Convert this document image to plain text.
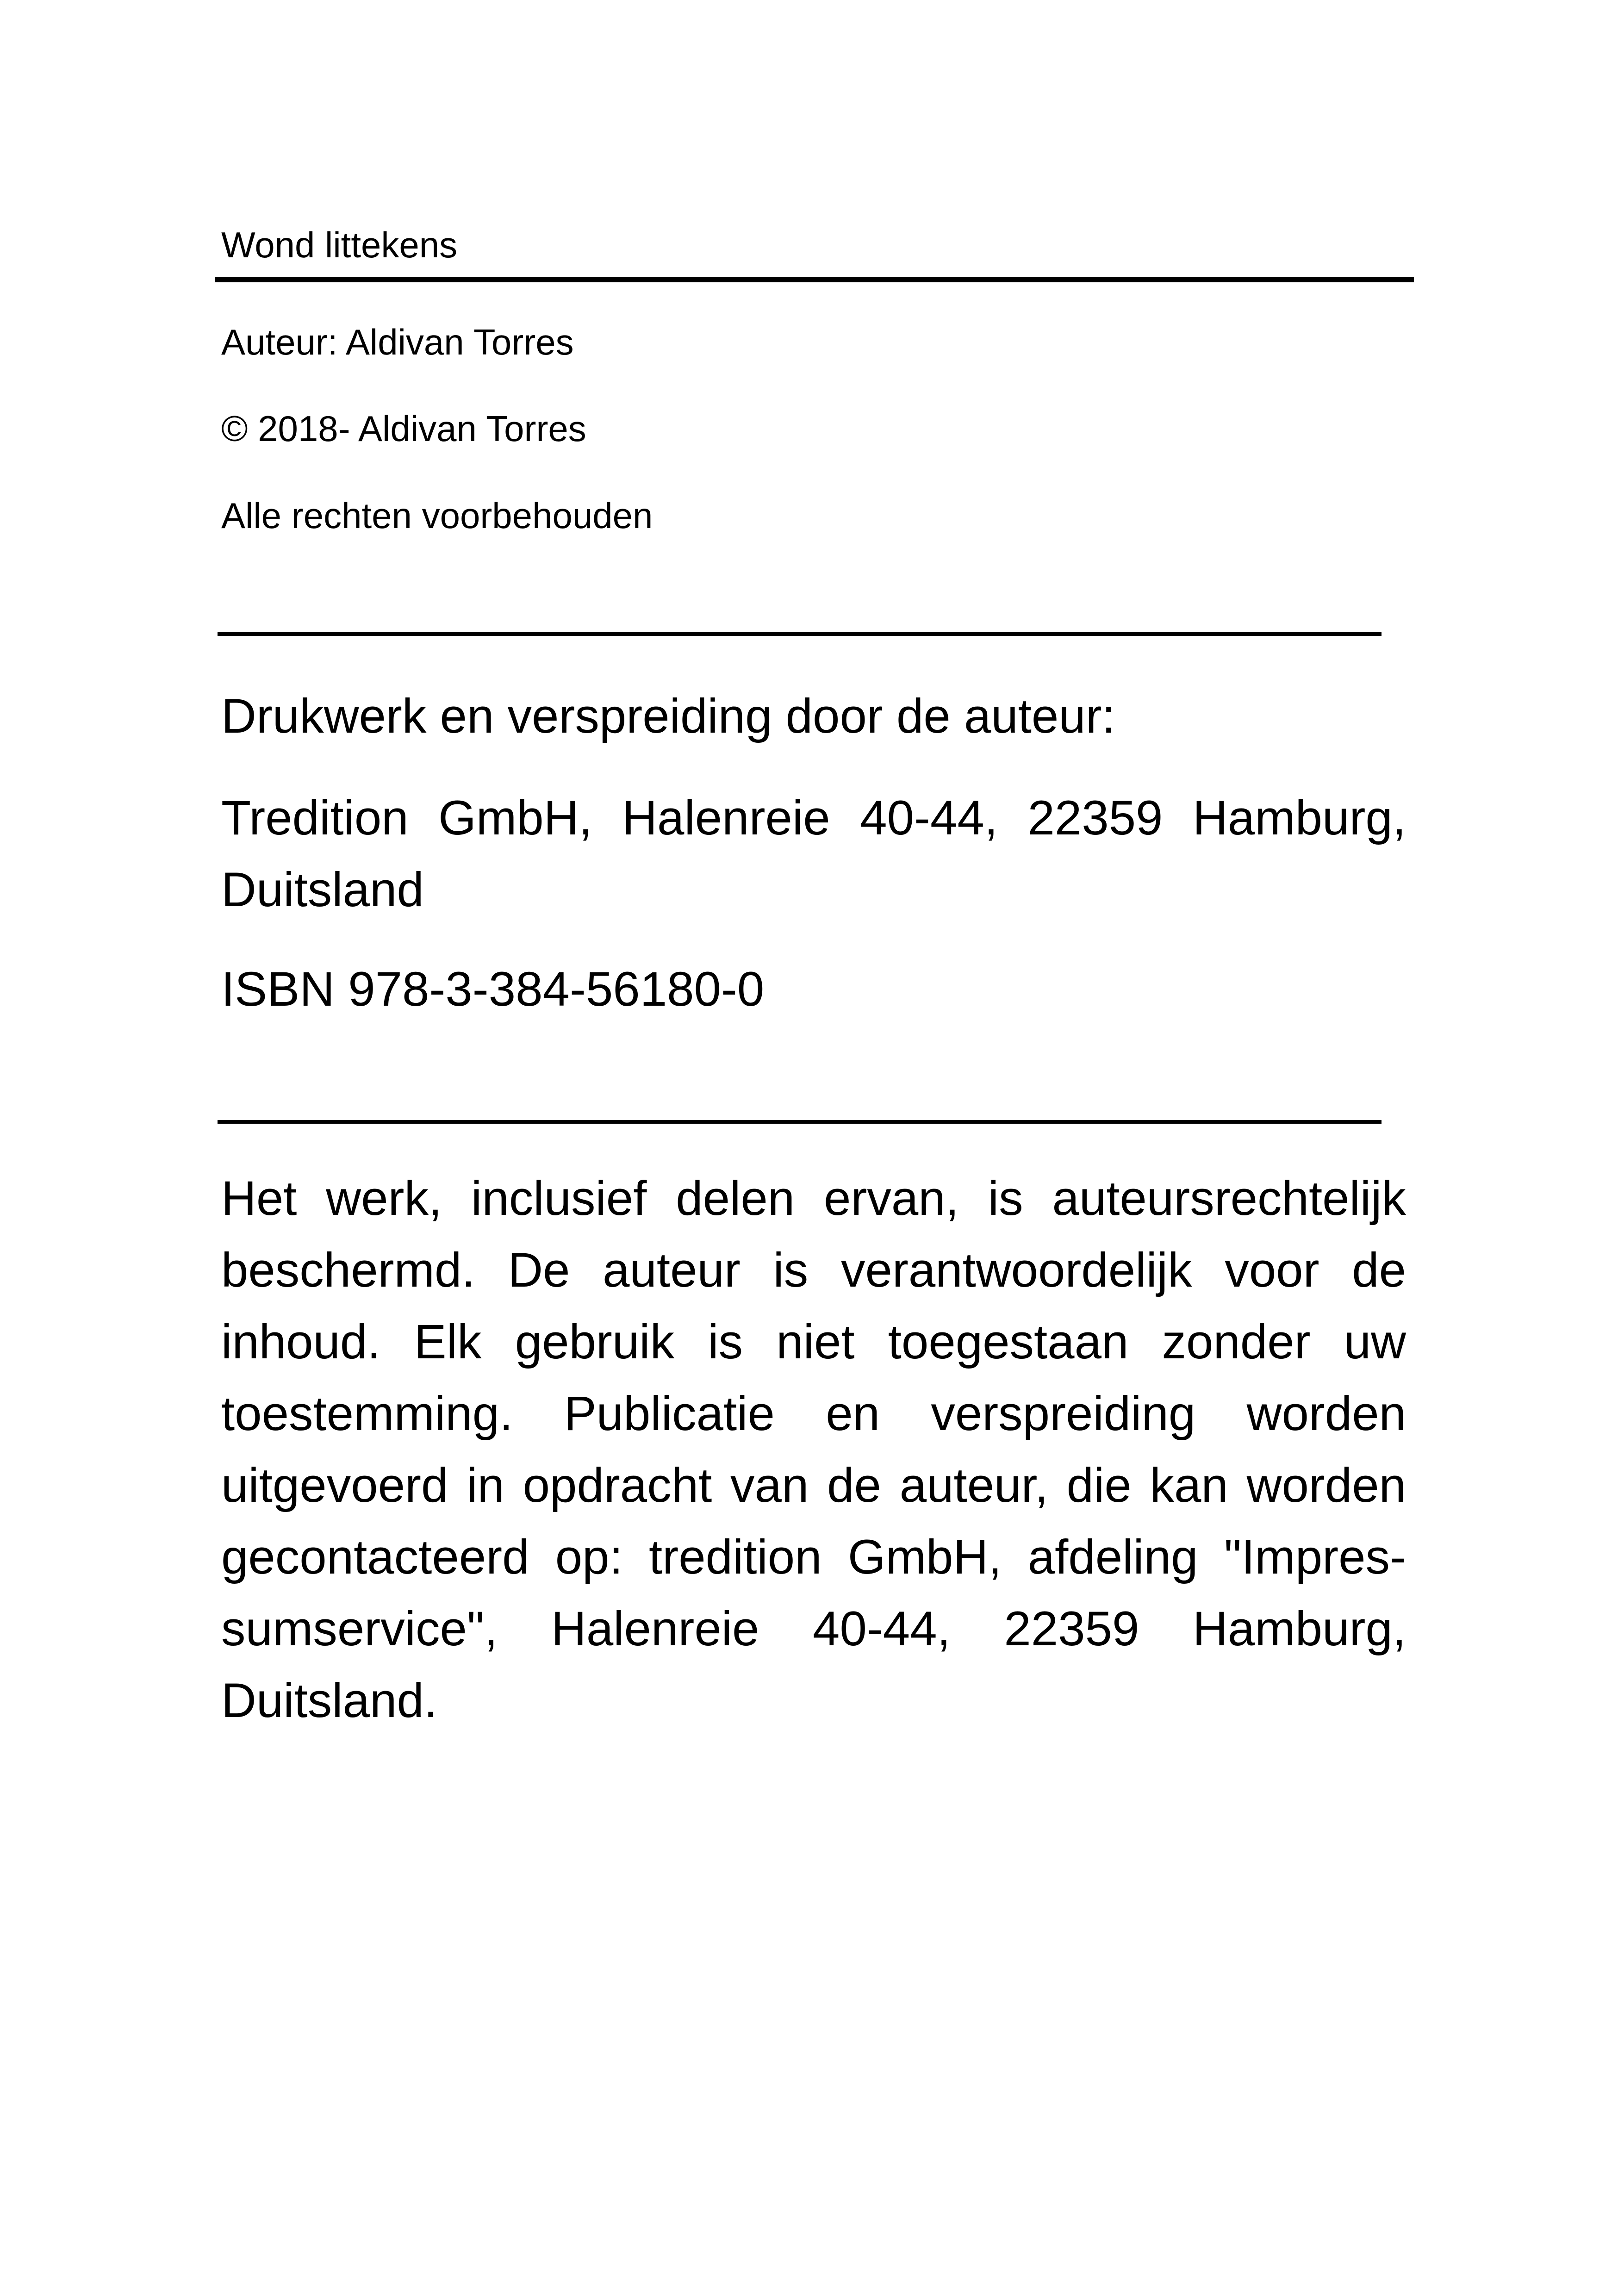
Wond littekens

Auteur: Aldivan Torres

© 2018- Aldivan Torres

Alle rechten voorbehouden

Drukwerk en verspreiding door de auteur:

Tredition GmbH, Halenreie 40-44, 22359 Hamburg,
Duitsland

ISBN 978-3-384-56180-0

Het werk, inclusief delen ervan, is auteursrechtelijk
beschermd. De auteur is verantwoordelijk voor de
inhoud. Elk gebruik is niet toegestaan zonder uw
toestemming. Publicatie en verspreiding worden
uitgevoerd in opdracht van de auteur, die kan worden
gecontacteerd op: tredition GmbH, afdeling "Impres-
sumservice", Halenreie 40-44, 22359 Hamburg,
Duitsland.
